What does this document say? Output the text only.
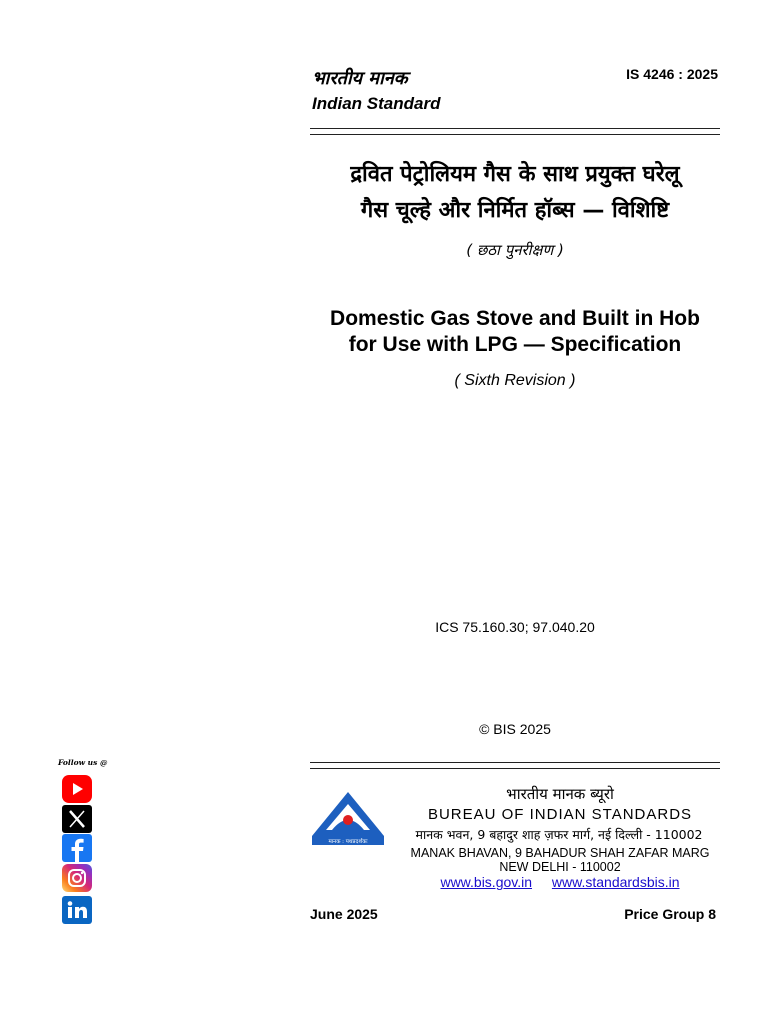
भारतीय मानक
Indian Standard
IS 4246 : 2025
द्रवित पेट्रोलियम गैस के साथ प्रयुक्त घरेलू
गैस चूल्हे और निर्मित हॉब्स — विशिष्टि
( छठा पुनरीक्षण )
Domestic Gas Stove and Built in Hob
for Use with LPG — Specification
( Sixth Revision )
ICS 75.160.30; 97.040.20
© BIS 2025
मानक : पथप्रदर्शकः
भारतीय मानक ब्यूरो
BUREAU OF INDIAN STANDARDS
मानक भवन, 9 बहादुर शाह ज़फर मार्ग, नई दिल्ली - 110002
MANAK BHAVAN, 9 BAHADUR SHAH ZAFAR MARG
NEW DELHI - 110002
www.bis.gov.in www.standardsbis.in
June 2025	Price Group 8
Follow us @
